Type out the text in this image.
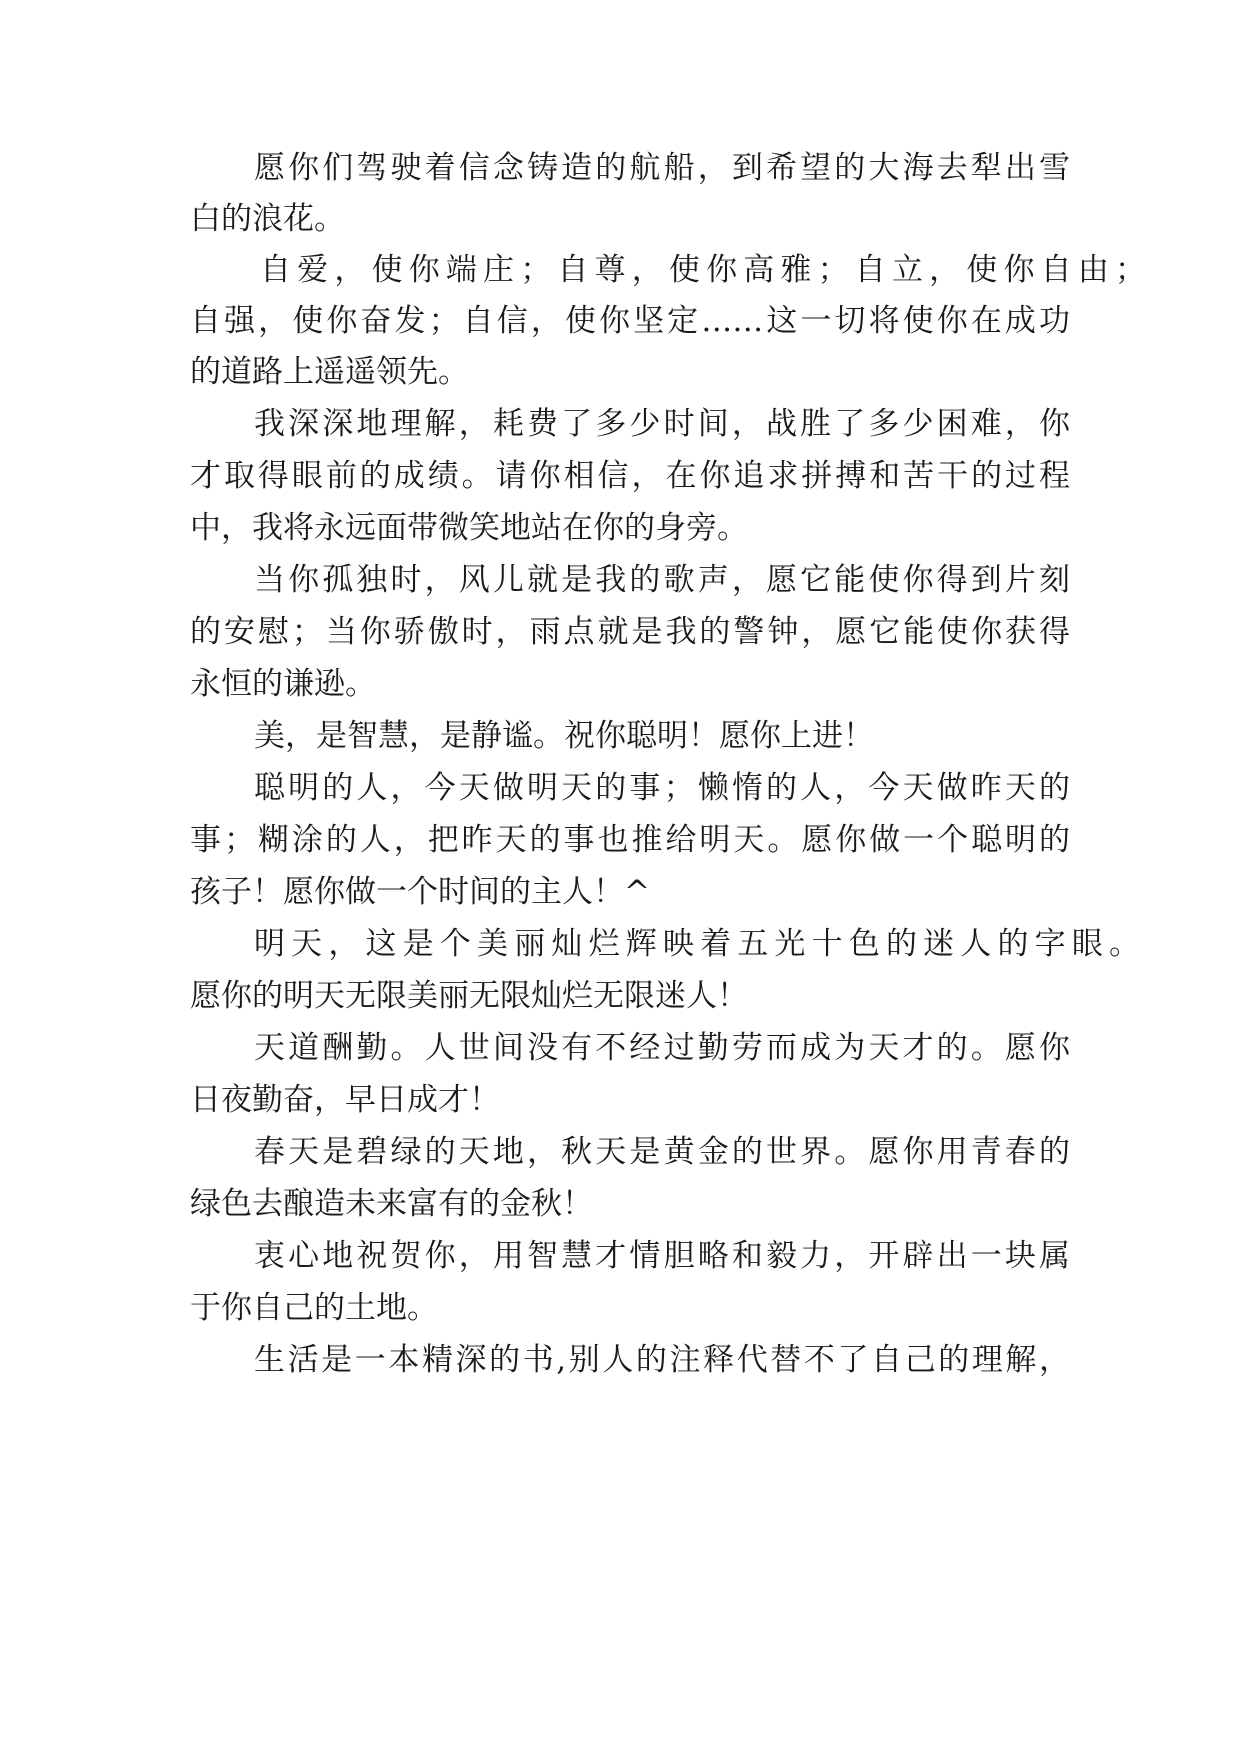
愿你们驾驶着信念铸造的航船，到希望的大海去犁出雪
白的浪花。
自爱，使你端庄；自尊，使你高雅；自立，使你自由；
自强，使你奋发；自信，使你坚定……这一切将使你在成功
的道路上遥遥领先。
我深深地理解，耗费了多少时间，战胜了多少困难，你
才取得眼前的成绩。请你相信，在你追求拼搏和苦干的过程
中，我将永远面带微笑地站在你的身旁。
当你孤独时，风儿就是我的歌声，愿它能使你得到片刻
的安慰；当你骄傲时，雨点就是我的警钟，愿它能使你获得
永恒的谦逊。
美，是智慧，是静谧。祝你聪明！愿你上进！
聪明的人，今天做明天的事；懒惰的人，今天做昨天的
事；糊涂的人，把昨天的事也推给明天。愿你做一个聪明的
孩子！愿你做一个时间的主人！^
明天，这是个美丽灿烂辉映着五光十色的迷人的字眼。
愿你的明天无限美丽无限灿烂无限迷人！
天道酬勤。人世间没有不经过勤劳而成为天才的。愿你
日夜勤奋，早日成才！
春天是碧绿的天地，秋天是黄金的世界。愿你用青春的
绿色去酿造未来富有的金秋！
衷心地祝贺你，用智慧才情胆略和毅力，开辟出一块属
于你自己的土地。
生活是一本精深的书,别人的注释代替不了自己的理解，
